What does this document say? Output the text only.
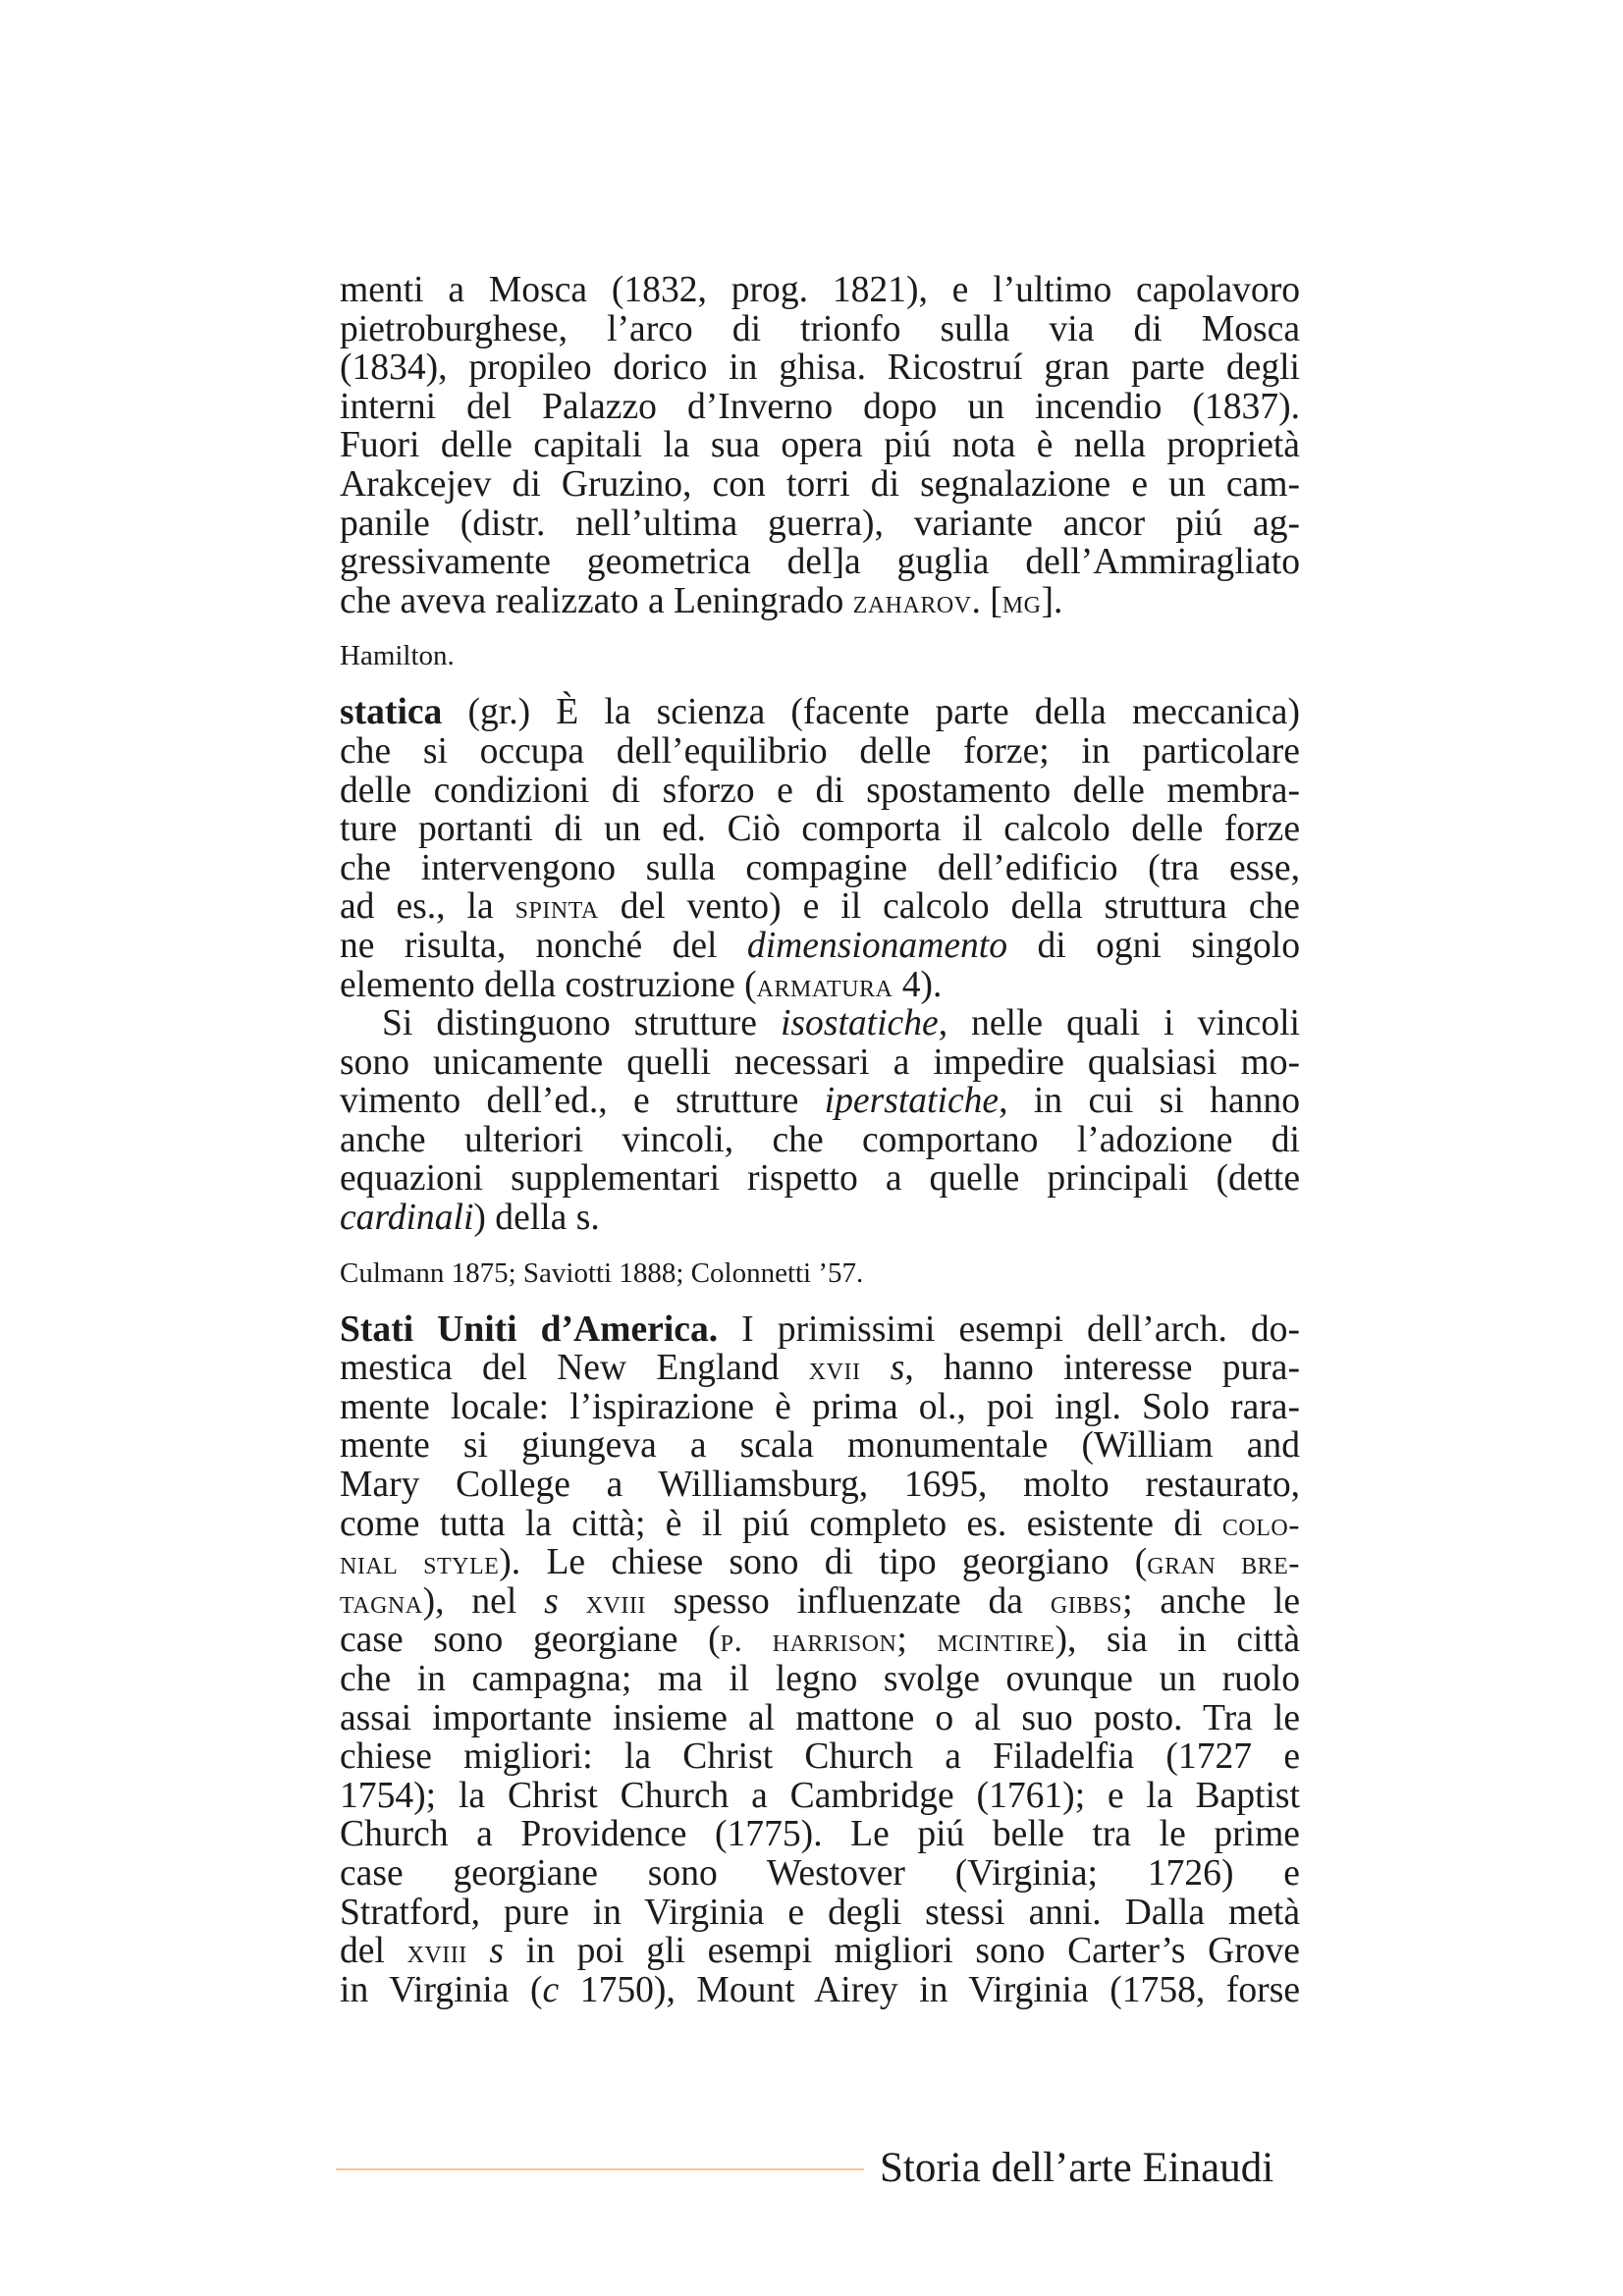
menti a Mosca (1832, prog. 1821), e l’ultimo capolavoro
pietroburghese, l’arco di trionfo sulla via di Mosca
(1834), propileo dorico in ghisa. Ricostruí gran parte degli
interni del Palazzo d’Inverno dopo un incendio (1837).
Fuori delle capitali la sua opera piú nota è nella proprietà
Arakcejev di Gruzino, con torri di segnalazione e un cam-
panile (distr. nell’ultima guerra), variante ancor piú ag-
gressivamente geometrica del]a guglia dell’Ammiragliato
che aveva realizzato a Leningrado zaharov. [mg].
Hamilton.
statica (gr.) È la scienza (facente parte della meccanica)
che si occupa dell’equilibrio delle forze; in particolare
delle condizioni di sforzo e di spostamento delle membra-
ture portanti di un ed. Ciò comporta il calcolo delle forze
che intervengono sulla compagine dell’edificio (tra esse,
ad es., la spinta del vento) e il calcolo della struttura che
ne risulta, nonché del dimensionamento di ogni singolo
elemento della costruzione (armatura 4).
Si distinguono strutture isostatiche, nelle quali i vincoli
sono unicamente quelli necessari a impedire qualsiasi mo-
vimento dell’ed., e strutture iperstatiche, in cui si hanno
anche ulteriori vincoli, che comportano l’adozione di
equazioni supplementari rispetto a quelle principali (dette
cardinali) della s.
Culmann 1875; Saviotti 1888; Colonnetti ’57.
Stati Uniti d’America. I primissimi esempi dell’arch. do-
mestica del New England xvii s, hanno interesse pura-
mente locale: l’ispirazione è prima ol., poi ingl. Solo rara-
mente si giungeva a scala monumentale (William and
Mary College a Williamsburg, 1695, molto restaurato,
come tutta la città; è il piú completo es. esistente di colo-
nial style). Le chiese sono di tipo georgiano (gran bre-
tagna), nel s xviii spesso influenzate da gibbs; anche le
case sono georgiane (p. harrison; mcintire), sia in città
che in campagna; ma il legno svolge ovunque un ruolo
assai importante insieme al mattone o al suo posto. Tra le
chiese migliori: la Christ Church a Filadelfia (1727 e
1754); la Christ Church a Cambridge (1761); e la Baptist
Church a Providence (1775). Le piú belle tra le prime
case georgiane sono Westover (Virginia; 1726) e
Stratford, pure in Virginia e degli stessi anni. Dalla metà
del xviii s in poi gli esempi migliori sono Carter’s Grove
in Virginia (c 1750), Mount Airey in Virginia (1758, forse
Storia dell’arte Einaudi
